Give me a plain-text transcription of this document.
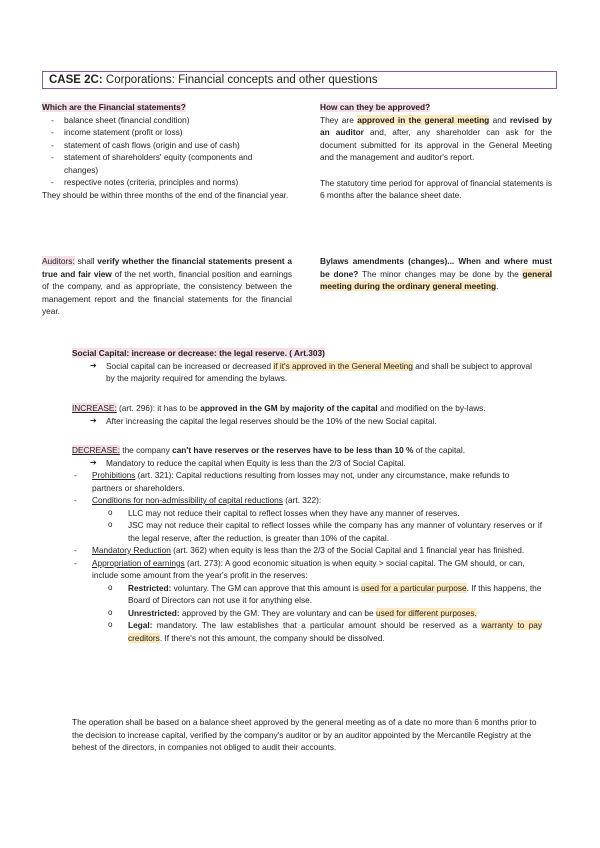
CASE 2C: Corporations: Financial concepts and other questions
Which are the Financial statements?
- balance sheet (financial condition)
- income statement (profit or loss)
- statement of cash flows (origin and use of cash)
- statement of shareholders' equity (components and changes)
- respective notes (criteria, principles and norms)
They should be within three months of the end of the financial year.
How can they be approved?
They are approved in the general meeting and revised by an auditor and, after, any shareholder can ask for the document submitted for its approval in the General Meeting and the management and auditor's report.
The statutory time period for approval of financial statements is 6 months after the balance sheet date.
Auditors: shall verify whether the financial statements present a true and fair view of the net worth, financial position and earnings of the company, and as appropriate, the consistency between the management report and the financial statements for the financial year.
Bylaws amendments (changes)... When and where must be done? The minor changes may be done by the general meeting during the ordinary general meeting.
Social Capital: increase or decrease: the legal reserve. ( Art.303)
➔ Social capital can be increased or decreased if it's approved in the General Meeting and shall be subject to approval by the majority required for amending the bylaws.
INCREASE: (art. 296): it has to be approved in the GM by majority of the capital and modified on the by-laws.
➔ After increasing the capital the legal reserves should be the 10% of the new Social capital.
DECREASE: the company can't have reserves or the reserves have to be less than 10 % of the capital.
➔ Mandatory to reduce the capital when Equity is less than the 2/3 of Social Capital.
- Prohibitions (art. 321): Capital reductions resulting from losses may not, under any circumstance, make refunds to partners or shareholders.
- Conditions for non-admissibility of capital reductions (art. 322):
o LLC may not reduce their capital to reflect losses when they have any manner of reserves.
o JSC may not reduce their capital to reflect losses while the company has any manner of voluntary reserves or if the legal reserve, after the reduction, is greater than 10% of the capital.
- Mandatory Reduction (art. 362) when equity is less than the 2/3 of the Social Capital and 1 financial year has finished.
- Appropriation of earnings (art. 273): A good economic situation is when equity > social capital. The GM should, or can, include some amount from the year's profit in the reserves:
o Restricted: voluntary. The GM can approve that this amount is used for a particular purpose. If this happens, the Board of Directors can not use it for anything else.
o Unrestricted: approved by the GM. They are voluntary and can be used for different purposes.
o Legal: mandatory. The law establishes that a particular amount should be reserved as a warranty to pay creditors. If there's not this amount, the company should be dissolved.
The operation shall be based on a balance sheet approved by the general meeting as of a date no more than 6 months prior to the decision to increase capital, verified by the company's auditor or by an auditor appointed by the Mercantile Registry at the behest of the directors, in companies not obliged to audit their accounts.
